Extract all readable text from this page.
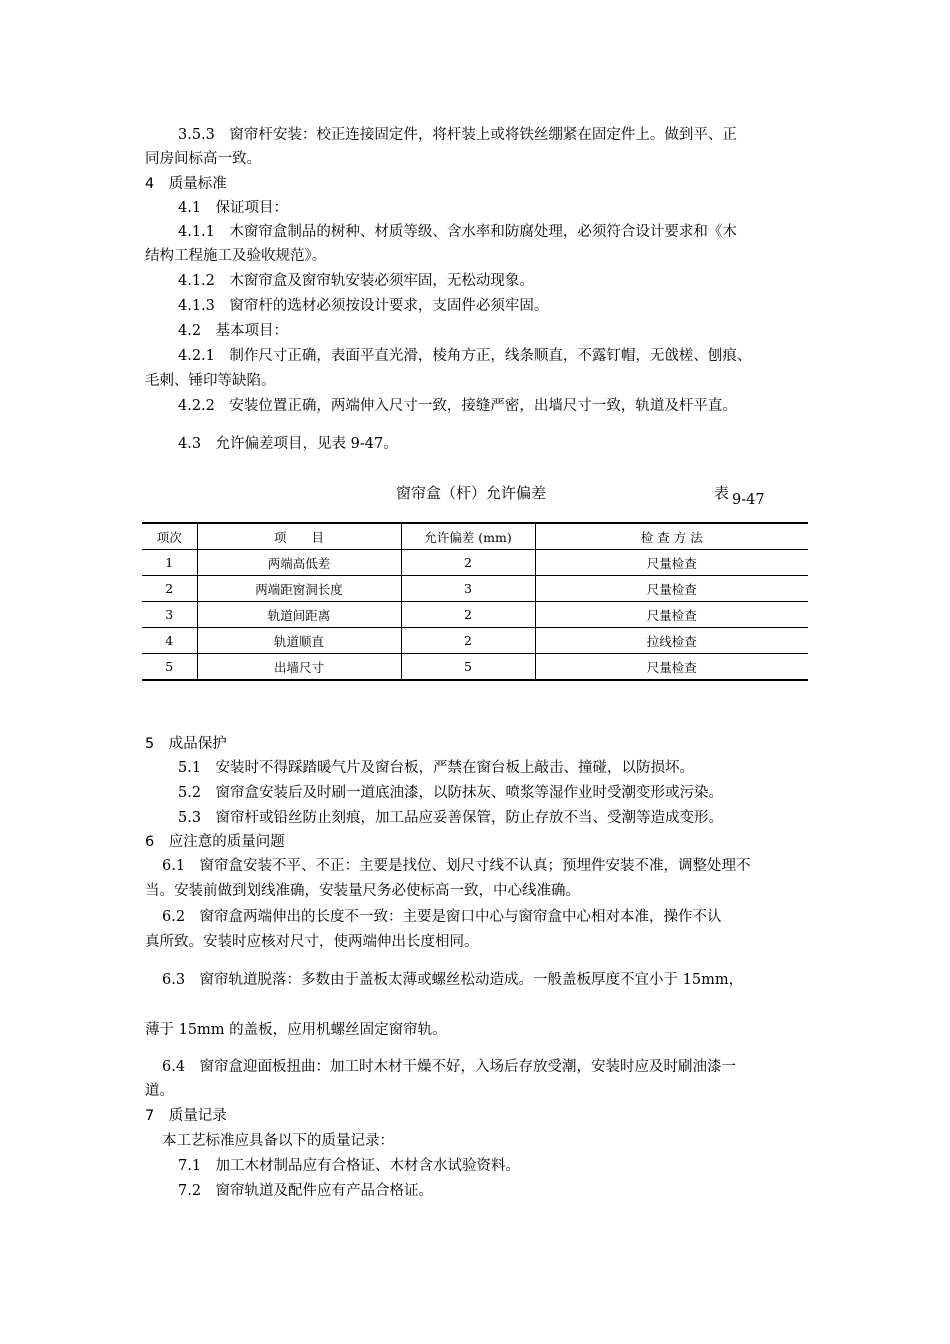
3.5.3　窗帘杆安装：校正连接固定件，将杆装上或将铁丝绷紧在固定件上。做到平、正
同房间标高一致。
4　质量标准
4.1　保证项目：
4.1.1　木窗帘盒制品的树种、材质等级、含水率和防腐处理，必须符合设计要求和《木
结构工程施工及验收规范》。
4.1.2　木窗帘盒及窗帘轨安装必须牢固，无松动现象。
4.1.3　窗帘杆的选材必须按设计要求，支固件必须牢固。
4.2　基本项目：
4.2.1　制作尺寸正确，表面平直光滑，棱角方正，线条顺直，不露钉帽，无戗槎、刨痕、
毛刺、锤印等缺陷。
4.2.2　安装位置正确，两端伸入尺寸一致，接缝严密，出墙尺寸一致，轨道及杆平直。
4.3　允许偏差项目，见表 9-47。
窗帘盒（杆）允许偏差	表 9-47
项次	项　　目	允许偏差 (mm)	检 查 方 法
1	两端高低差	2	尺量检查
2	两端距窗洞长度	3	尺量检查
3	轨道间距离	2	尺量检查
4	轨道顺直	2	拉线检查
5	出墙尺寸	5	尺量检查
5　成品保护
5.1　安装时不得踩踏暖气片及窗台板，严禁在窗台板上敲击、撞碰，以防损坏。
5.2　窗帘盒安装后及时刷一道底油漆，以防抹灰、喷浆等湿作业时受潮变形或污染。
5.3　窗帘杆或铅丝防止刻痕，加工品应妥善保管，防止存放不当、受潮等造成变形。
6　应注意的质量问题
6.1　窗帘盒安装不平、不正：主要是找位、划尺寸线不认真；预埋件安装不准，调整处理不
当。安装前做到划线准确，安装量尺务必使标高一致，中心线准确。
6.2　窗帘盒两端伸出的长度不一致：主要是窗口中心与窗帘盒中心相对本准，操作不认
真所致。安装时应核对尺寸，使两端伸出长度相同。
6.3　窗帘轨道脱落：多数由于盖板太薄或螺丝松动造成。一般盖板厚度不宜小于 15mm，
薄于 15mm 的盖板，应用机螺丝固定窗帘轨。
6.4　窗帘盒迎面板扭曲：加工时木材干燥不好，入场后存放受潮，安装时应及时刷油漆一
道。
7　质量记录
本工艺标准应具备以下的质量记录：
7.1　加工木材制品应有合格证、木材含水试验资料。
7.2　窗帘轨道及配件应有产品合格证。
